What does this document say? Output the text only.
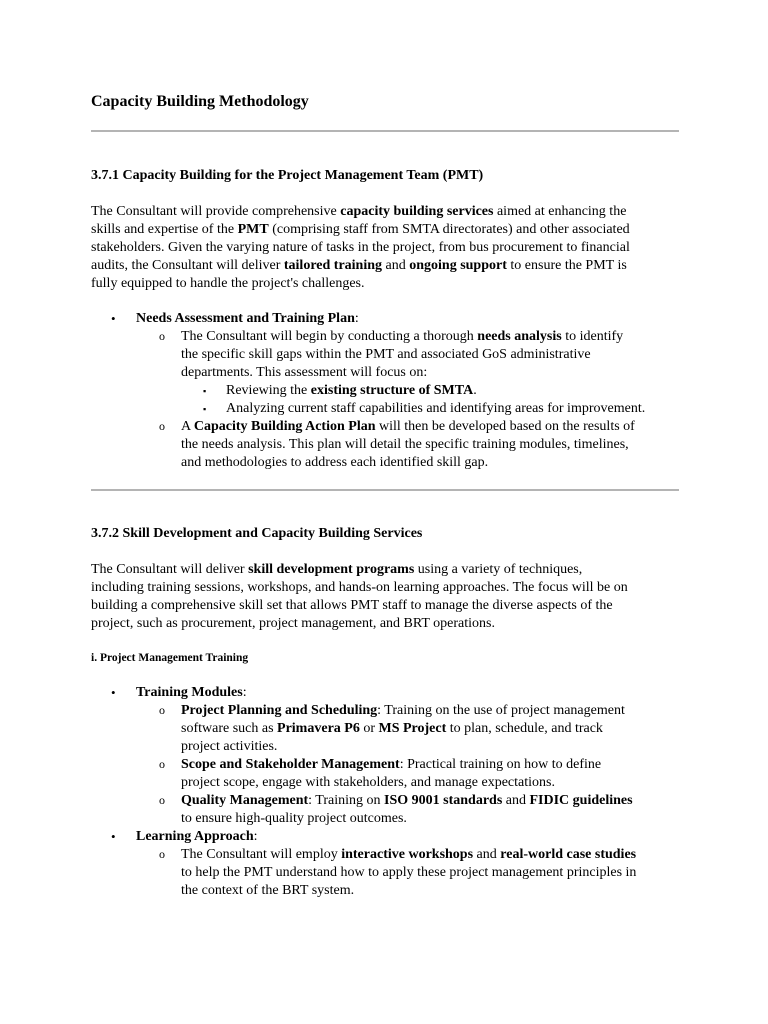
Capacity Building Methodology
3.7.1 Capacity Building for the Project Management Team (PMT)
The Consultant will provide comprehensive capacity building services aimed at enhancing the
skills and expertise of the PMT (comprising staff from SMTA directorates) and other associated
stakeholders. Given the varying nature of tasks in the project, from bus procurement to financial
audits, the Consultant will deliver tailored training and ongoing support to ensure the PMT is
fully equipped to handle the project's challenges.
• Needs Assessment and Training Plan:
o The Consultant will begin by conducting a thorough needs analysis to identify
the specific skill gaps within the PMT and associated GoS administrative
departments. This assessment will focus on:
▪ Reviewing the existing structure of SMTA.
▪ Analyzing current staff capabilities and identifying areas for improvement.
o A Capacity Building Action Plan will then be developed based on the results of
the needs analysis. This plan will detail the specific training modules, timelines,
and methodologies to address each identified skill gap.
3.7.2 Skill Development and Capacity Building Services
The Consultant will deliver skill development programs using a variety of techniques,
including training sessions, workshops, and hands-on learning approaches. The focus will be on
building a comprehensive skill set that allows PMT staff to manage the diverse aspects of the
project, such as procurement, project management, and BRT operations.
i. Project Management Training
• Training Modules:
o Project Planning and Scheduling: Training on the use of project management
software such as Primavera P6 or MS Project to plan, schedule, and track
project activities.
o Scope and Stakeholder Management: Practical training on how to define
project scope, engage with stakeholders, and manage expectations.
o Quality Management: Training on ISO 9001 standards and FIDIC guidelines
to ensure high-quality project outcomes.
• Learning Approach:
o The Consultant will employ interactive workshops and real-world case studies
to help the PMT understand how to apply these project management principles in
the context of the BRT system.
